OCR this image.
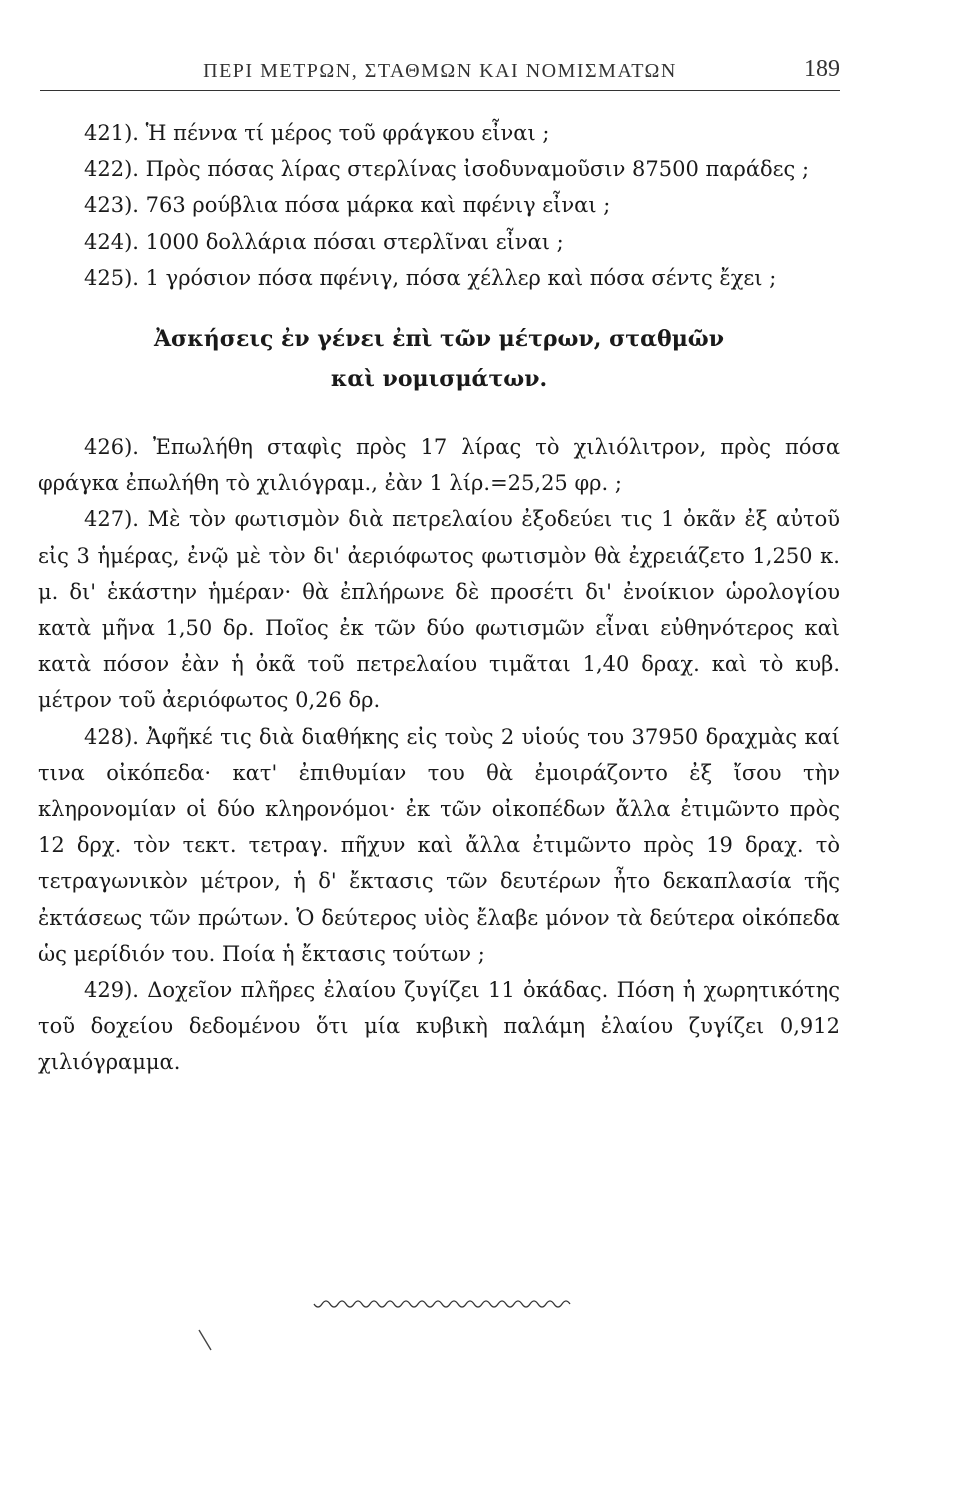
ΠΕΡΙ ΜΕΤΡΩΝ, ΣΤΑΘΜΩΝ ΚΑΙ ΝΟΜΙΣΜΑΤΩΝ	189

421). Ἡ πέννα τί μέρος τοῦ φράγκου εἶναι ;

422). Πρὸς πόσας λίρας στερλίνας ἰσοδυναμοῦσιν 87500 παράδες ;

423). 763 ρούβλια πόσα μάρκα καὶ πφένιγ εἶναι ;

424). 1000 δολλάρια πόσαι στερλῖναι εἶναι ;

425). 1 γρόσιον πόσα πφένιγ, πόσα χέλλερ καὶ πόσα σέντς ἔχει ;

Ἀσκήσεις ἐν γένει ἐπὶ τῶν μέτρων, σταθμῶν
καὶ νομισμάτων.

426). Ἐπωλήθη σταφὶς πρὸς 17 λίρας τὸ χιλιόλιτρον, πρὸς πόσα φράγκα ἐπωλήθη τὸ χιλιόγραμ., ἐὰν 1 λίρ.=25,25 φρ. ;

427). Μὲ τὸν φωτισμὸν διὰ πετρελαίου ἐξοδεύει τις 1 ὀκᾶν ἐξ αὐτοῦ εἰς 3 ἡμέρας, ἐνῷ μὲ τὸν δι' ἀεριόφωτος φωτισμὸν θὰ ἐχρειάζετο 1,250 κ. μ. δι' ἑκάστην ἡμέραν· θὰ ἐπλήρωνε δὲ προσέτι δι' ἐνοίκιον ὡρολογίου κατὰ μῆνα 1,50 δρ. Ποῖος ἐκ τῶν δύο φωτισμῶν εἶναι εὐθηνότερος καὶ κατὰ πόσον ἐὰν ἡ ὀκᾶ τοῦ πετρελαίου τιμᾶται 1,40 δραχ. καὶ τὸ κυβ. μέτρον τοῦ ἀεριόφωτος 0,26 δρ.

428). Ἀφῆκέ τις διὰ διαθήκης εἰς τοὺς 2 υἱούς του 37950 δραχμὰς καί τινα οἰκόπεδα· κατ' ἐπιθυμίαν του θὰ ἐμοιράζοντο ἐξ ἴσου τὴν κληρονομίαν οἱ δύο κληρονόμοι· ἐκ τῶν οἰκοπέδων ἄλλα ἐτιμῶντο πρὸς 12 δρχ. τὸν τεκτ. τετραγ. πῆχυν καὶ ἄλλα ἐτιμῶντο πρὸς 19 δραχ. τὸ τετραγωνικὸν μέτρον, ἡ δ' ἔκτασις τῶν δευτέρων ἦτο δεκαπλασία τῆς ἐκτάσεως τῶν πρώτων. Ὁ δεύτερος υἱὸς ἔλαβε μόνον τὰ δεύτερα οἰκόπεδα ὡς μερίδιόν του. Ποία ἡ ἔκτασις τούτων ;

429). Δοχεῖον πλῆρες ἐλαίου ζυγίζει 11 ὀκάδας. Πόση ἡ χωρητικότης τοῦ δοχείου δεδομένου ὅτι μία κυβικὴ παλάμη ἐλαίου ζυγίζει 0,912 χιλιόγραμμα.
